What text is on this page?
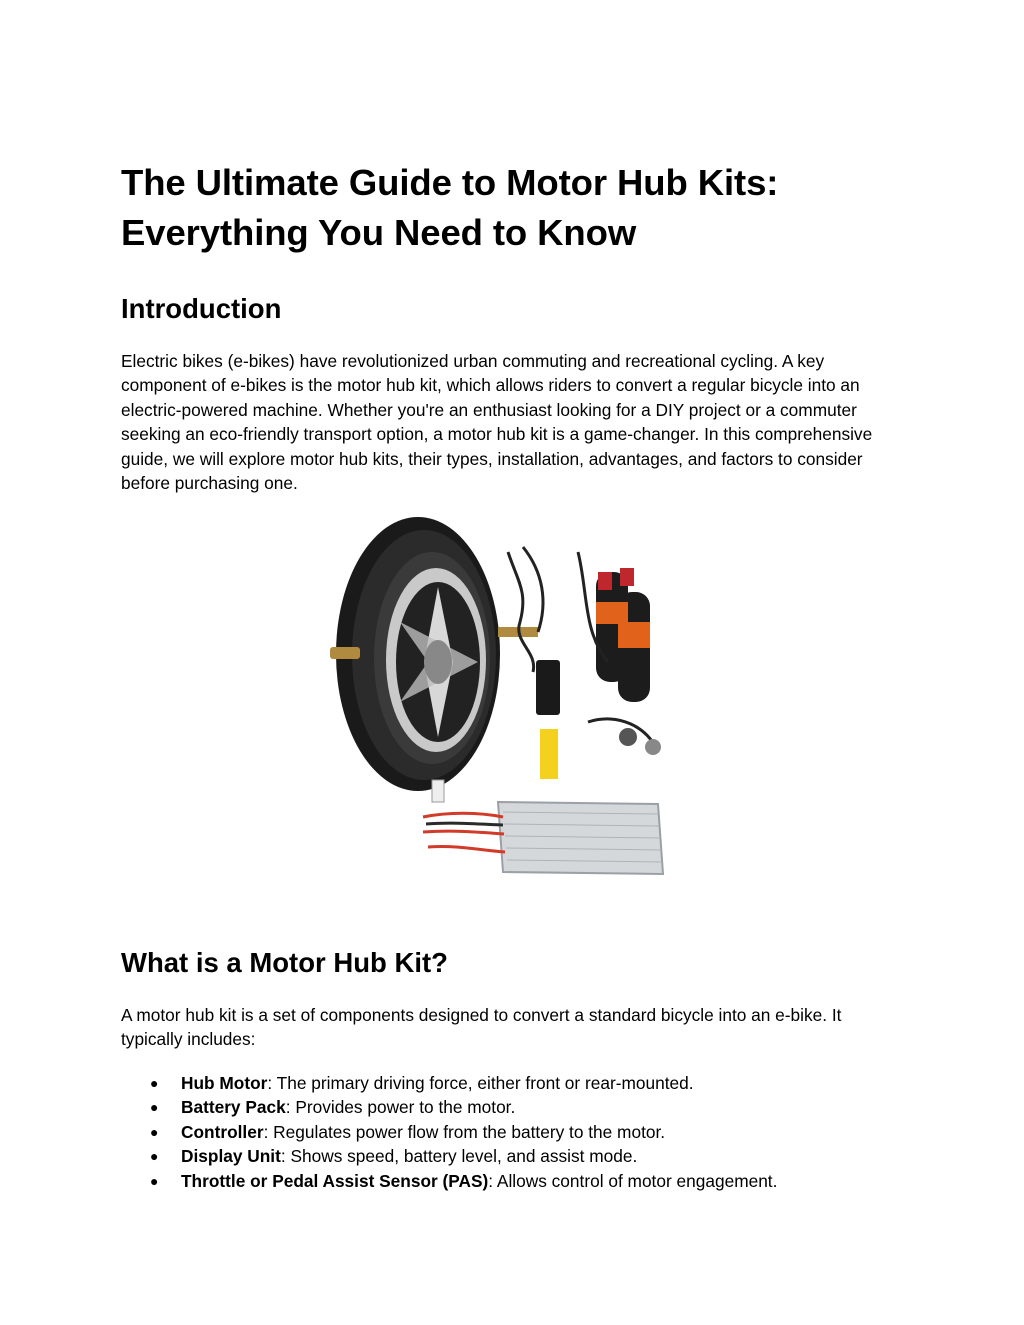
The Ultimate Guide to Motor Hub Kits: Everything You Need to Know
Introduction

Electric bikes (e-bikes) have revolutionized urban commuting and recreational cycling. A key component of e-bikes is the motor hub kit, which allows riders to convert a regular bicycle into an electric-powered machine. Whether you're an enthusiast looking for a DIY project or a commuter seeking an eco-friendly transport option, a motor hub kit is a game-changer. In this comprehensive guide, we will explore motor hub kits, their types, installation, advantages, and factors to consider before purchasing one.

What is a Motor Hub Kit?

A motor hub kit is a set of components designed to convert a standard bicycle into an e-bike. It typically includes:

● Hub Motor: The primary driving force, either front or rear-mounted.
● Battery Pack: Provides power to the motor.
● Controller: Regulates power flow from the battery to the motor.
● Display Unit: Shows speed, battery level, and assist mode.
● Throttle or Pedal Assist Sensor (PAS): Allows control of motor engagement.
